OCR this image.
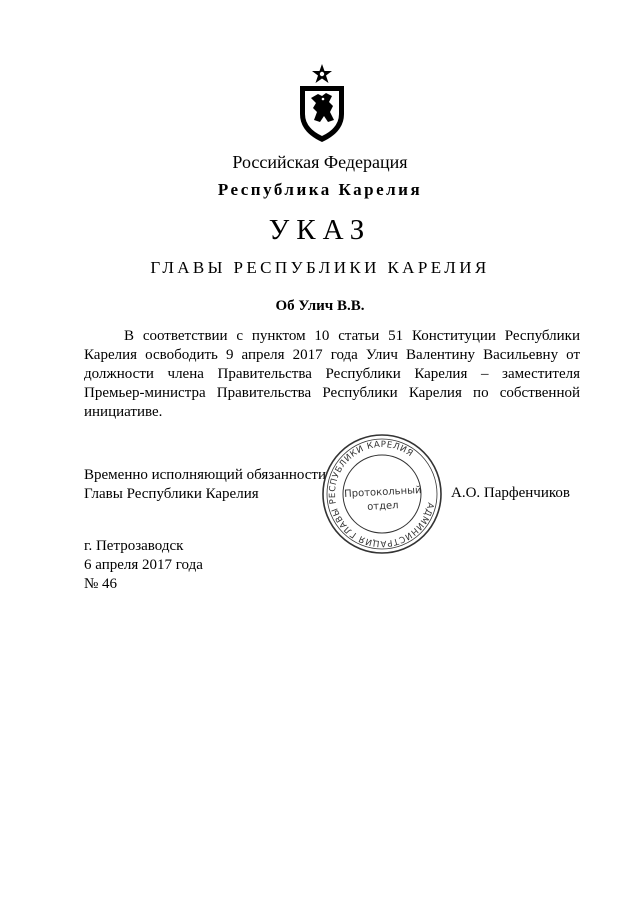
Российская Федерация
Республика Карелия
УКАЗ
ГЛАВЫ РЕСПУБЛИКИ КАРЕЛИЯ
Об Улич В.В.

В соответствии с пунктом 10 статьи 51 Конституции Республики Карелия освободить 9 апреля 2017 года Улич Валентину Васильевну от должности члена Правительства Республики Карелия – заместителя Премьер-министра Правительства Республики Карелия по собственной инициативе.

Временно исполняющий обязанности
Главы Республики Карелия
АДМИНИСТРАЦИЯ ГЛАВЫ РЕСПУБЛИКИ КАРЕЛИЯ
Протокольный
отдел
А.О. Парфенчиков
г. Петрозаводск
6 апреля 2017 года
№ 46
